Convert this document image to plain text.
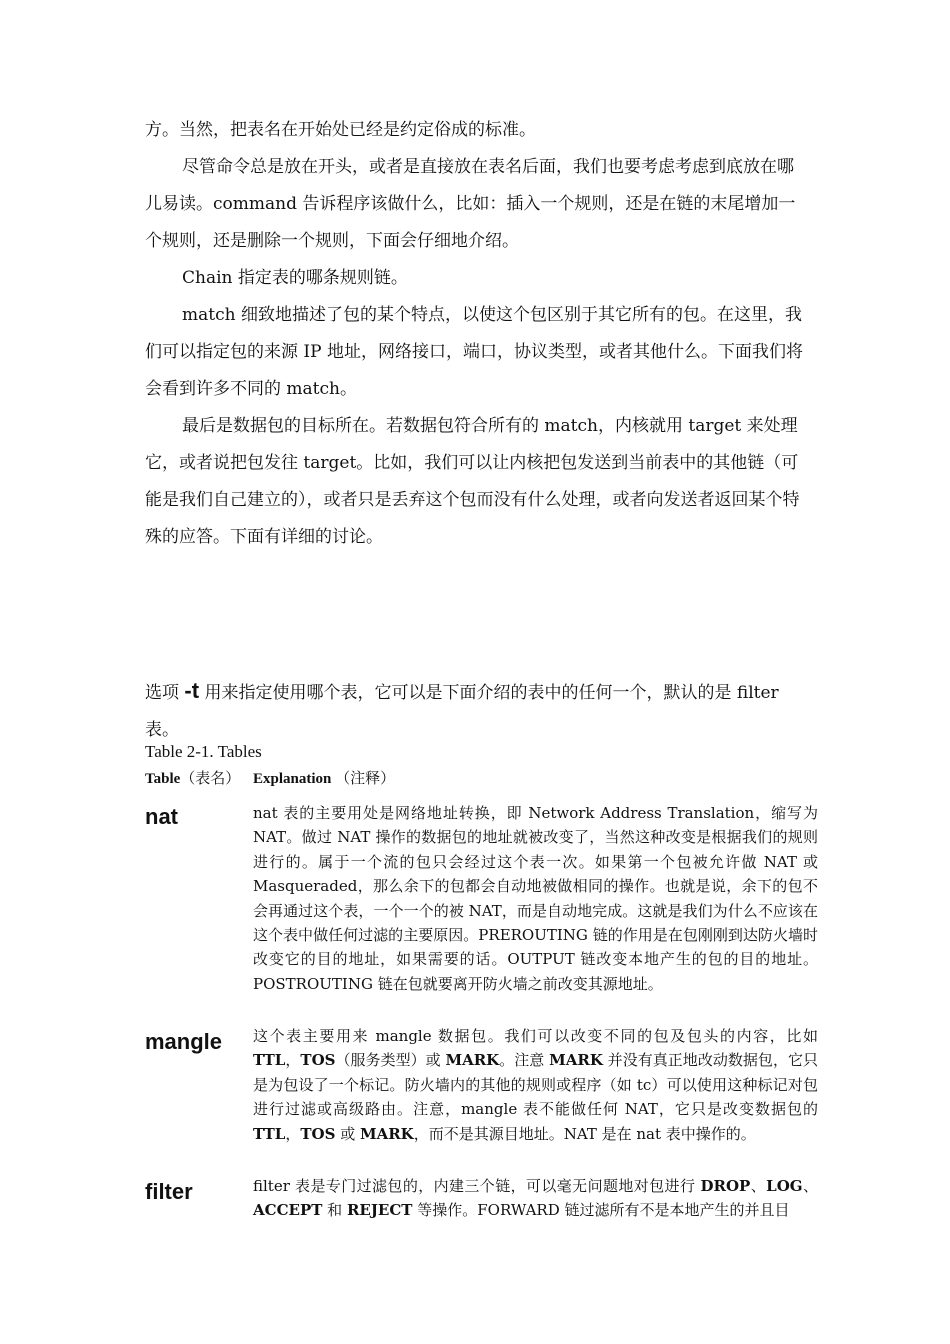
方。当然，把表名在开始处已经是约定俗成的标准。

尽管命令总是放在开头，或者是直接放在表名后面，我们也要考虑考虑到底放在哪儿易读。command 告诉程序该做什么，比如：插入一个规则，还是在链的末尾增加一个规则，还是删除一个规则，下面会仔细地介绍。

Chain 指定表的哪条规则链。

match 细致地描述了包的某个特点，以使这个包区别于其它所有的包。在这里，我们可以指定包的来源 IP 地址，网络接口，端口，协议类型，或者其他什么。下面我们将会看到许多不同的 match。

最后是数据包的目标所在。若数据包符合所有的 match，内核就用 target 来处理它，或者说把包发往 target。比如，我们可以让内核把包发送到当前表中的其他链（可能是我们自己建立的），或者只是丢弃这个包而没有什么处理，或者向发送者返回某个特殊的应答。下面有详细的讨论。

选项 -t 用来指定使用哪个表，它可以是下面介绍的表中的任何一个，默认的是 filter 表。

Table 2-1. Tables
Table（表名） Explanation （注释）
nat	nat 表的主要用处是网络地址转换，即 Network Address Translation，缩写为 NAT。做过 NAT 操作的数据包的地址就被改变了，当然这种改变是根据我们的规则进行的。属于一个流的包只会经过这个表一次。如果第一个包被允许做 NAT 或 Masqueraded，那么余下的包都会自动地被做相同的操作。也就是说，余下的包不会再通过这个表，一个一个的被 NAT，而是自动地完成。这就是我们为什么不应该在这个表中做任何过滤的主要原因。PREROUTING 链的作用是在包刚刚到达防火墙时改变它的目的地址，如果需要的话。OUTPUT 链改变本地产生的包的目的地址。POSTROUTING 链在包就要离开防火墙之前改变其源地址。

mangle 这个表主要用来 mangle 数据包。我们可以改变不同的包及包头的内容，比如 TTL，TOS（服务类型）或 MARK。注意 MARK 并没有真正地改动数据包，它只是为包设了一个标记。防火墙内的其他的规则或程序（如 tc）可以使用这种标记对包进行过滤或高级路由。注意，mangle 表不能做任何 NAT，它只是改变数据包的 TTL，TOS 或 MARK，而不是其源目地址。NAT 是在 nat 表中操作的。

filter	filter 表是专门过滤包的，内建三个链，可以毫无问题地对包进行 DROP、LOG、ACCEPT 和 REJECT 等操作。FORWARD 链过滤所有不是本地产生的并且目
